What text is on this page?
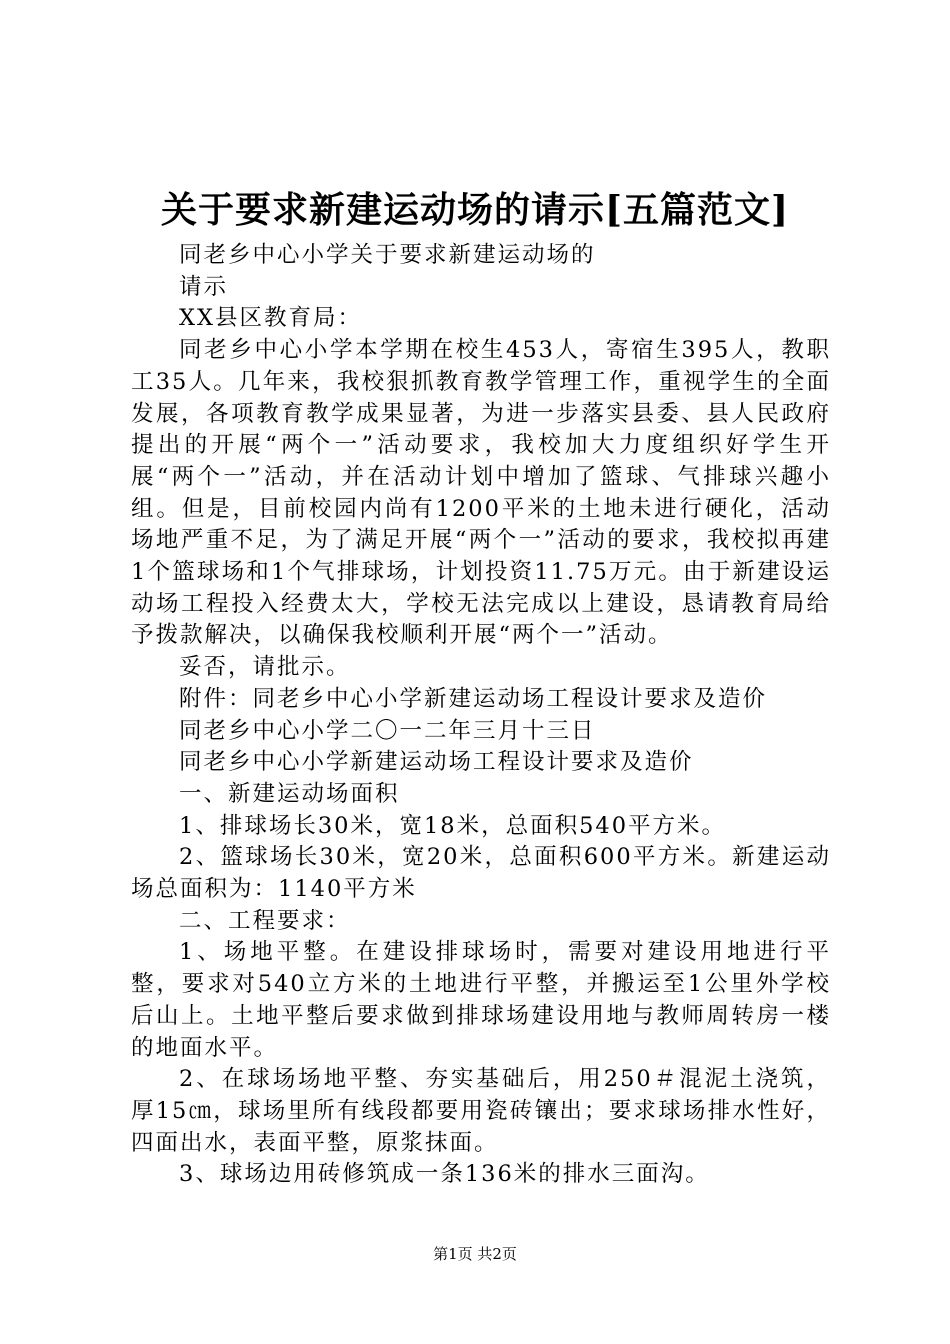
关于要求新建运动场的请示[五篇范文]

同老乡中心小学关于要求新建运动场的

请示

XX县区教育局：

同老乡中心小学本学期在校生453人，寄宿生395人，教职工35人。几年来，我校狠抓教育教学管理工作，重视学生的全面发展，各项教育教学成果显著，为进一步落实县委、县人民政府提出的开展“两个一”活动要求，我校加大力度组织好学生开展“两个一”活动，并在活动计划中增加了篮球、气排球兴趣小组。但是，目前校园内尚有1200平米的土地未进行硬化，活动场地严重不足，为了满足开展“两个一”活动的要求，我校拟再建1个篮球场和1个气排球场，计划投资11.75万元。由于新建设运动场工程投入经费太大，学校无法完成以上建设，恳请教育局给予拨款解决，以确保我校顺利开展“两个一”活动。

妥否，请批示。

附件：同老乡中心小学新建运动场工程设计要求及造价

同老乡中心小学二〇一二年三月十三日

同老乡中心小学新建运动场工程设计要求及造价

一、新建运动场面积

1、排球场长30米，宽18米，总面积540平方米。

2、篮球场长30米，宽20米，总面积600平方米。新建运动场总面积为：1140平方米

二、工程要求：

1、场地平整。在建设排球场时，需要对建设用地进行平整，要求对540立方米的土地进行平整，并搬运至1公里外学校后山上。土地平整后要求做到排球场建设用地与教师周转房一楼的地面水平。

2、在球场场地平整、夯实基础后，用250＃混泥土浇筑，厚15㎝，球场里所有线段都要用瓷砖镶出；要求球场排水性好，四面出水，表面平整，原浆抹面。

3、球场边用砖修筑成一条136米的排水三面沟。

第1页 共2页
